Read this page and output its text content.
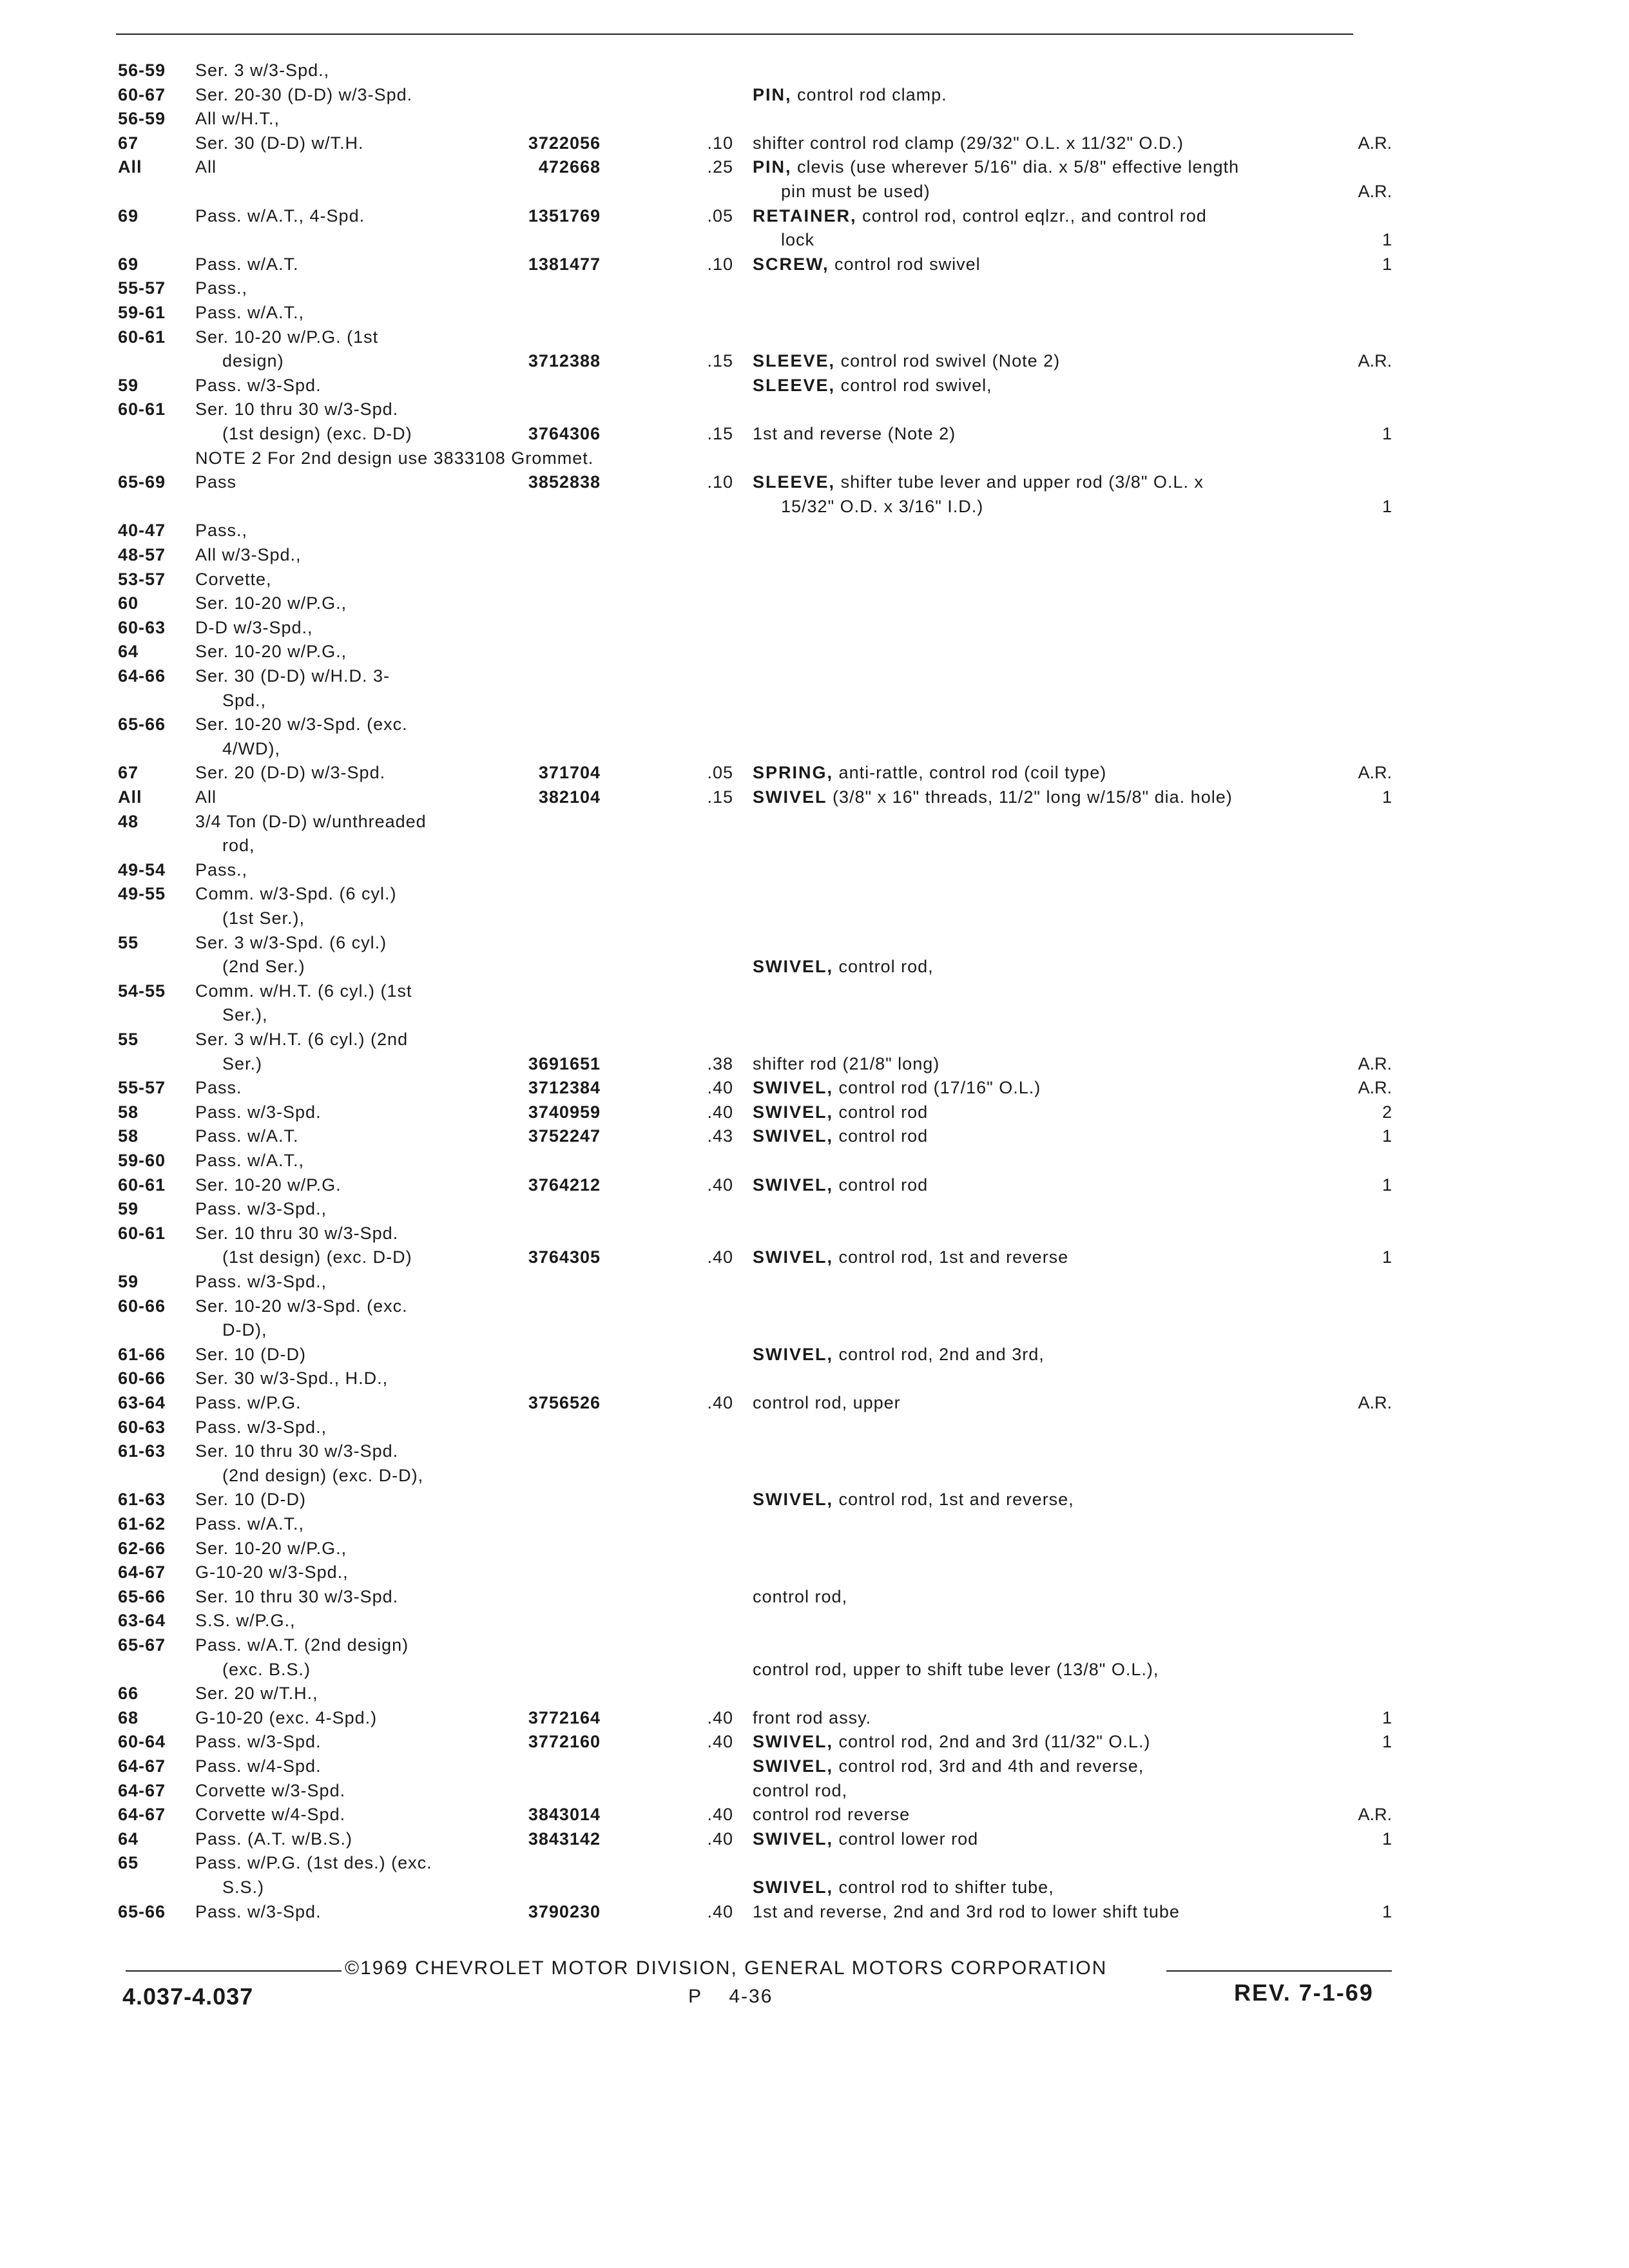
56-59 Ser. 3 w/3-Spd.,
60-67 Ser. 20-30 (D-D) w/3-Spd.	PIN, control rod clamp.
56-59 All w/H.T.,
67	Ser. 30 (D-D) w/T.H.	3722056	.10 shifter control rod clamp (29/32" O.L. x 11/32" O.D.)	A.R.
All	All	472668	.25 PIN, clevis (use wherever 5/16" dia. x 5/8" effective length
pin must be used)	A.R.
69	Pass. w/A.T., 4-Spd.	1351769	.05 RETAINER, control rod, control eqlzr., and control rod
lock	1
69	Pass. w/A.T.	1381477	.10 SCREW, control rod swivel	1
55-57 Pass.,
59-61 Pass. w/A.T.,
60-61 Ser. 10-20 w/P.G. (1st
design)	3712388	.15 SLEEVE, control rod swivel (Note 2)	A.R.
59	Pass. w/3-Spd.	SLEEVE, control rod swivel,
60-61 Ser. 10 thru 30 w/3-Spd.
(1st design) (exc. D-D)	3764306	.15 1st and reverse (Note 2)	1
NOTE 2 For 2nd design use 3833108 Grommet.
65-69 Pass	3852838	.10 SLEEVE, shifter tube lever and upper rod (3/8" O.L. x
15/32" O.D. x 3/16" I.D.)	1
40-47 Pass.,
48-57 All w/3-Spd.,
53-57 Corvette,
60	Ser. 10-20 w/P.G.,
60-63 D-D w/3-Spd.,
64	Ser. 10-20 w/P.G.,
64-66 Ser. 30 (D-D) w/H.D. 3-
Spd.,
65-66 Ser. 10-20 w/3-Spd. (exc.
4/WD),
67	Ser. 20 (D-D) w/3-Spd.	371704	.05 SPRING, anti-rattle, control rod (coil type)	A.R.
All	All	382104	.15 SWIVEL (3/8" x 16" threads, 11/2" long w/15/8" dia. hole)	1
48	3/4 Ton (D-D) w/unthreaded
rod,
49-54 Pass.,
49-55 Comm. w/3-Spd. (6 cyl.)
(1st Ser.),
55	Ser. 3 w/3-Spd. (6 cyl.)
(2nd Ser.)	SWIVEL, control rod,
54-55 Comm. w/H.T. (6 cyl.) (1st
Ser.),
55	Ser. 3 w/H.T. (6 cyl.) (2nd
Ser.)	3691651	.38 shifter rod (21/8" long)	A.R.
55-57 Pass.	3712384	.40 SWIVEL, control rod (17/16" O.L.)	A.R.
58	Pass. w/3-Spd.	3740959	.40 SWIVEL, control rod	2
58	Pass. w/A.T.	3752247	.43 SWIVEL, control rod	1
59-60 Pass. w/A.T.,
60-61 Ser. 10-20 w/P.G.	3764212	.40 SWIVEL, control rod	1
59	Pass. w/3-Spd.,
60-61 Ser. 10 thru 30 w/3-Spd.
(1st design) (exc. D-D)	3764305	.40 SWIVEL, control rod, 1st and reverse	1
59	Pass. w/3-Spd.,
60-66 Ser. 10-20 w/3-Spd. (exc.
D-D),
61-66 Ser. 10 (D-D)	SWIVEL, control rod, 2nd and 3rd,
60-66 Ser. 30 w/3-Spd., H.D.,
63-64 Pass. w/P.G.	3756526	.40 control rod, upper	A.R.
60-63 Pass. w/3-Spd.,
61-63 Ser. 10 thru 30 w/3-Spd.
(2nd design) (exc. D-D),
61-63 Ser. 10 (D-D)	SWIVEL, control rod, 1st and reverse,
61-62 Pass. w/A.T.,
62-66 Ser. 10-20 w/P.G.,
64-67 G-10-20 w/3-Spd.,
65-66 Ser. 10 thru 30 w/3-Spd.	control rod,
63-64 S.S. w/P.G.,
65-67 Pass. w/A.T. (2nd design)
(exc. B.S.)	control rod, upper to shift tube lever (13/8" O.L.),
66	Ser. 20 w/T.H.,
68	G-10-20 (exc. 4-Spd.)	3772164	.40 front rod assy.	1
60-64 Pass. w/3-Spd.	3772160	.40 SWIVEL, control rod, 2nd and 3rd (11/32" O.L.)	1
64-67 Pass. w/4-Spd.	SWIVEL, control rod, 3rd and 4th and reverse,
64-67 Corvette w/3-Spd.	control rod,
64-67 Corvette w/4-Spd.	3843014	.40 control rod reverse	A.R.
64	Pass. (A.T. w/B.S.)	3843142	.40 SWIVEL, control lower rod	1
65	Pass. w/P.G. (1st des.) (exc.
S.S.)	SWIVEL, control rod to shifter tube,
65-66 Pass. w/3-Spd.	3790230	.40 1st and reverse, 2nd and 3rd rod to lower shift tube	1
©1969 CHEVROLET MOTOR DIVISION, GENERAL MOTORS CORPORATION
4.037-4.037	P 4-36	REV. 7-1-69
